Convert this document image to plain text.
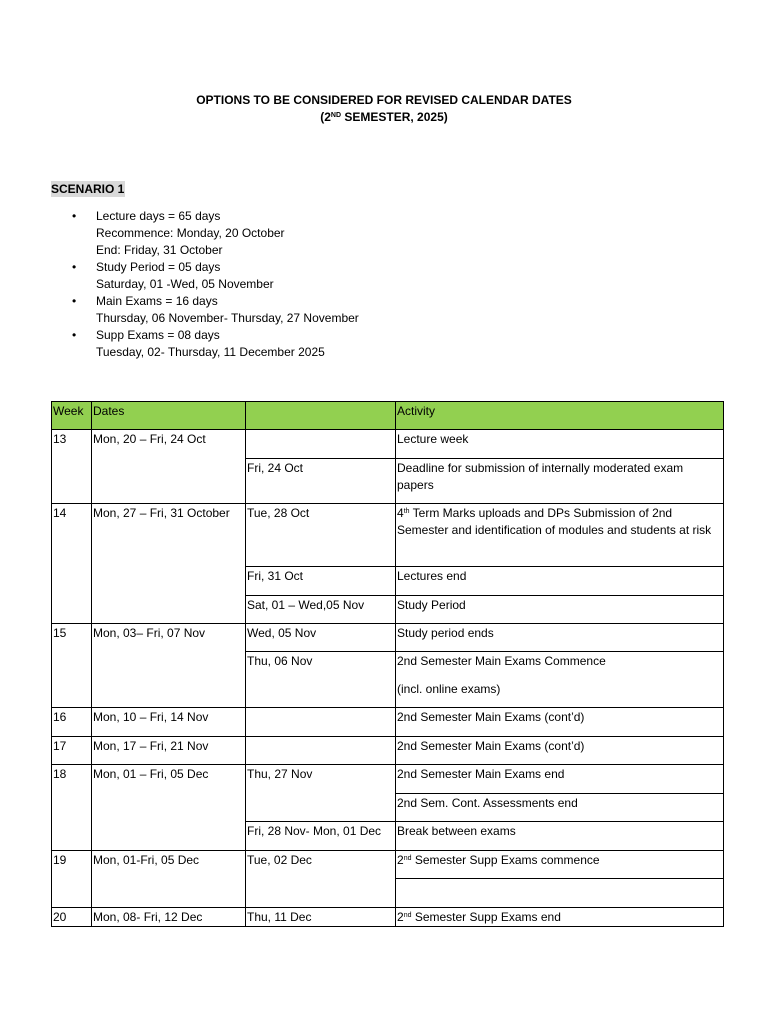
OPTIONS TO BE CONSIDERED FOR REVISED CALENDAR DATES
(2ND SEMESTER, 2025)
SCENARIO 1
• Lecture days = 65 days
Recommence: Monday, 20 October
End: Friday, 31 October
• Study Period = 05 days
Saturday, 01 -Wed, 05 November
• Main Exams = 16 days
Thursday, 06 November- Thursday, 27 November
• Supp Exams = 08 days
Tuesday, 02- Thursday, 11 December 2025
Week	Dates		Activity
13	Mon, 20 – Fri, 24 Oct		Lecture week
		Fri, 24 Oct	Deadline for submission of internally moderated exam papers
14	Mon, 27 – Fri, 31 October	Tue, 28 Oct	4th Term Marks uploads and DPs Submission of 2nd Semester and identification of modules and students at risk
		Fri, 31 Oct	Lectures end
		Sat, 01 – Wed,05 Nov	Study Period
15	Mon, 03– Fri, 07 Nov	Wed, 05 Nov	Study period ends
		Thu, 06 Nov	2nd Semester Main Exams Commence

(incl. online exams)

16	Mon, 10 – Fri, 14 Nov		2nd Semester Main Exams (cont’d)
17	Mon, 17 – Fri, 21 Nov		2nd Semester Main Exams (cont’d)
18	Mon, 01 – Fri, 05 Dec	Thu, 27 Nov	2nd Semester Main Exams end
			2nd Sem. Cont. Assessments end
		Fri, 28 Nov- Mon, 01 Dec	Break between exams
19	Mon, 01-Fri, 05 Dec	Tue, 02 Dec	2nd Semester Supp Exams commence

20	Mon, 08- Fri, 12 Dec	Thu, 11 Dec	2nd Semester Supp Exams end
